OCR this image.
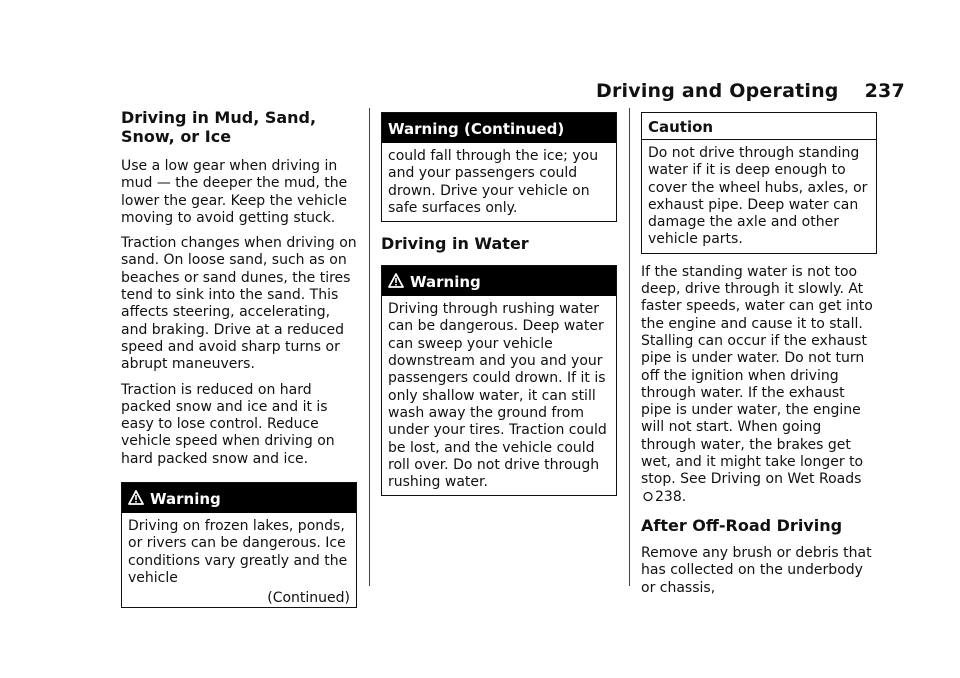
Driving and Operating 237
Driving in Mud, Sand, Snow, or Ice

Use a low gear when driving in mud — the deeper the mud, the lower the gear. Keep the vehicle moving to avoid getting stuck.

Traction changes when driving on sand. On loose sand, such as on beaches or sand dunes, the tires tend to sink into the sand. This affects steering, accelerating, and braking. Drive at a reduced speed and avoid sharp turns or abrupt maneuvers.

Traction is reduced on hard packed snow and ice and it is easy to lose control. Reduce vehicle speed when driving on hard packed snow and ice.

Warning
Driving on frozen lakes, ponds, or rivers can be dangerous. Ice conditions vary greatly and the vehicle
(Continued)
Warning (Continued)
could fall through the ice; you and your passengers could drown. Drive your vehicle on safe surfaces only.
Driving in Water
Warning
Driving through rushing water can be dangerous. Deep water can sweep your vehicle downstream and you and your passengers could drown. If it is only shallow water, it can still wash away the ground from under your tires. Traction could be lost, and the vehicle could roll over. Do not drive through rushing water.
Caution
Do not drive through standing water if it is deep enough to cover the wheel hubs, axles, or exhaust pipe. Deep water can damage the axle and other vehicle parts.

If the standing water is not too deep, drive through it slowly. At faster speeds, water can get into the engine and cause it to stall. Stalling can occur if the exhaust pipe is under water. Do not turn off the ignition when driving through water. If the exhaust pipe is under water, the engine will not start. When going through water, the brakes get wet, and it might take longer to stop. See Driving on Wet Roads 238.

After Off-Road Driving

Remove any brush or debris that has collected on the underbody or chassis,
